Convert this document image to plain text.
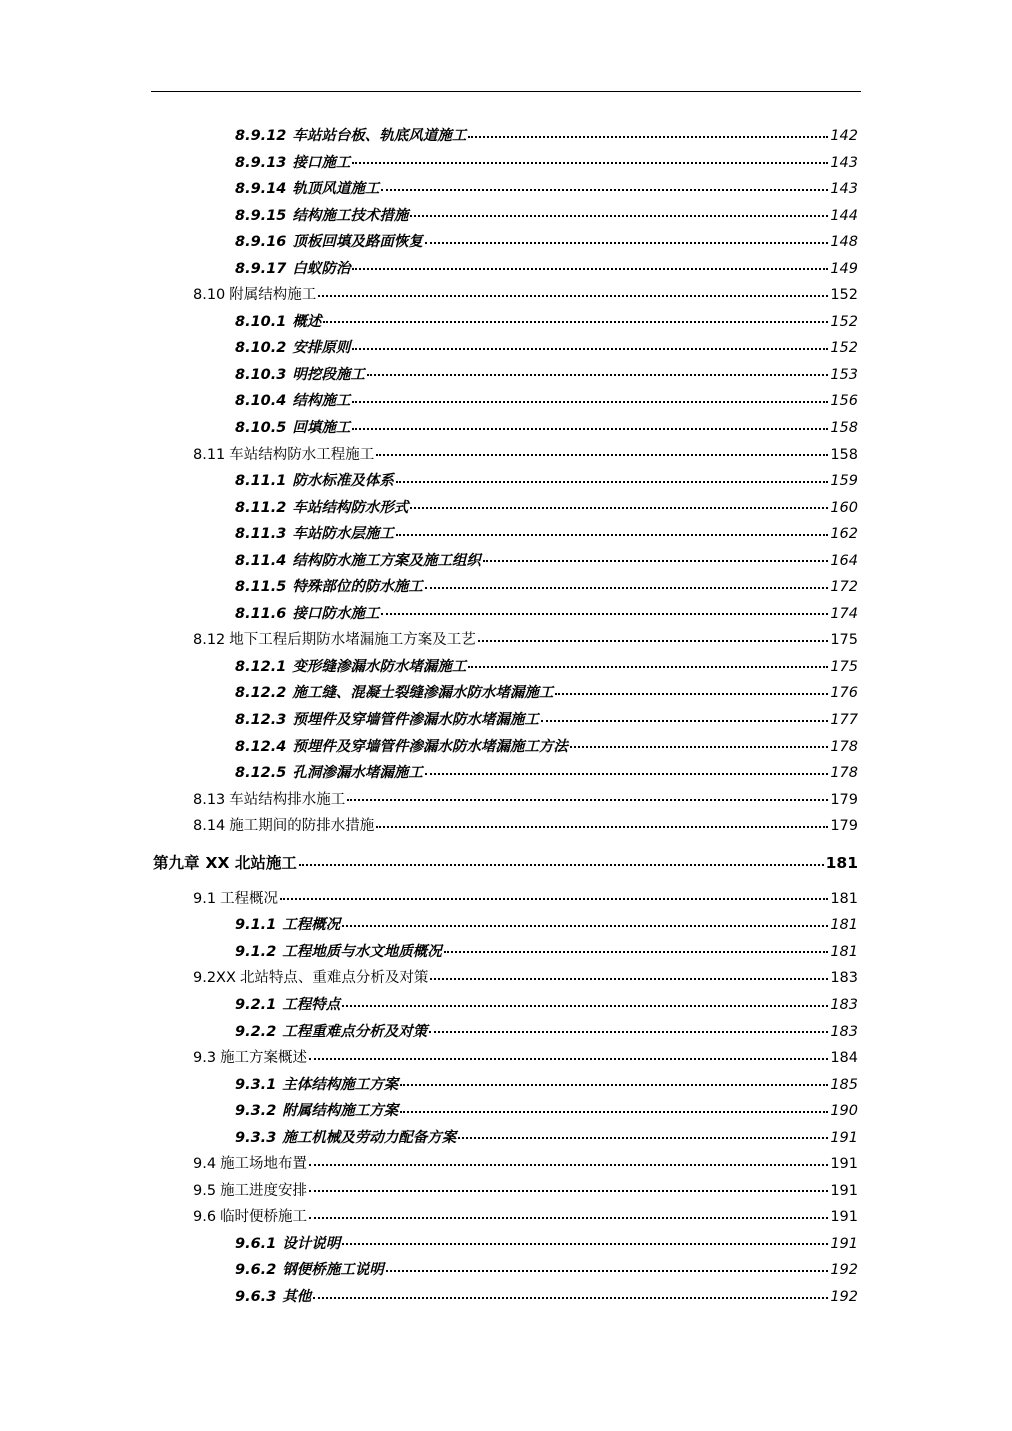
8.9.12 车站站台板、轨底风道施工	142
8.9.13 接口施工	143
8.9.14 轨顶风道施工	143
8.9.15 结构施工技术措施	144
8.9.16 顶板回填及路面恢复	148
8.9.17 白蚁防治	149
8.10 附属结构施工	152
8.10.1 概述	152
8.10.2 安排原则	152
8.10.3 明挖段施工	153
8.10.4 结构施工	156
8.10.5 回填施工	158
8.11 车站结构防水工程施工	158
8.11.1 防水标准及体系	159
8.11.2 车站结构防水形式	160
8.11.3 车站防水层施工	162
8.11.4 结构防水施工方案及施工组织	164
8.11.5 特殊部位的防水施工	172
8.11.6 接口防水施工	174
8.12 地下工程后期防水堵漏施工方案及工艺	175
8.12.1 变形缝渗漏水防水堵漏施工	175
8.12.2 施工缝、混凝土裂缝渗漏水防水堵漏施工	176
8.12.3 预埋件及穿墙管件渗漏水防水堵漏施工	177
8.12.4 预埋件及穿墙管件渗漏水防水堵漏施工方法	178
8.12.5 孔洞渗漏水堵漏施工	178
8.13 车站结构排水施工	179
8.14 施工期间的防排水措施	179
第九章 XX 北站施工	181
9.1 工程概况	181
9.1.1 工程概况	181
9.1.2 工程地质与水文地质概况	181
9.2XX 北站特点、重难点分析及对策	183
9.2.1 工程特点	183
9.2.2 工程重难点分析及对策	183
9.3 施工方案概述	184
9.3.1 主体结构施工方案	185
9.3.2 附属结构施工方案	190
9.3.3 施工机械及劳动力配备方案	191
9.4 施工场地布置	191
9.5 施工进度安排	191
9.6 临时便桥施工	191
9.6.1 设计说明	191
9.6.2 钢便桥施工说明	192
9.6.3 其他	192
